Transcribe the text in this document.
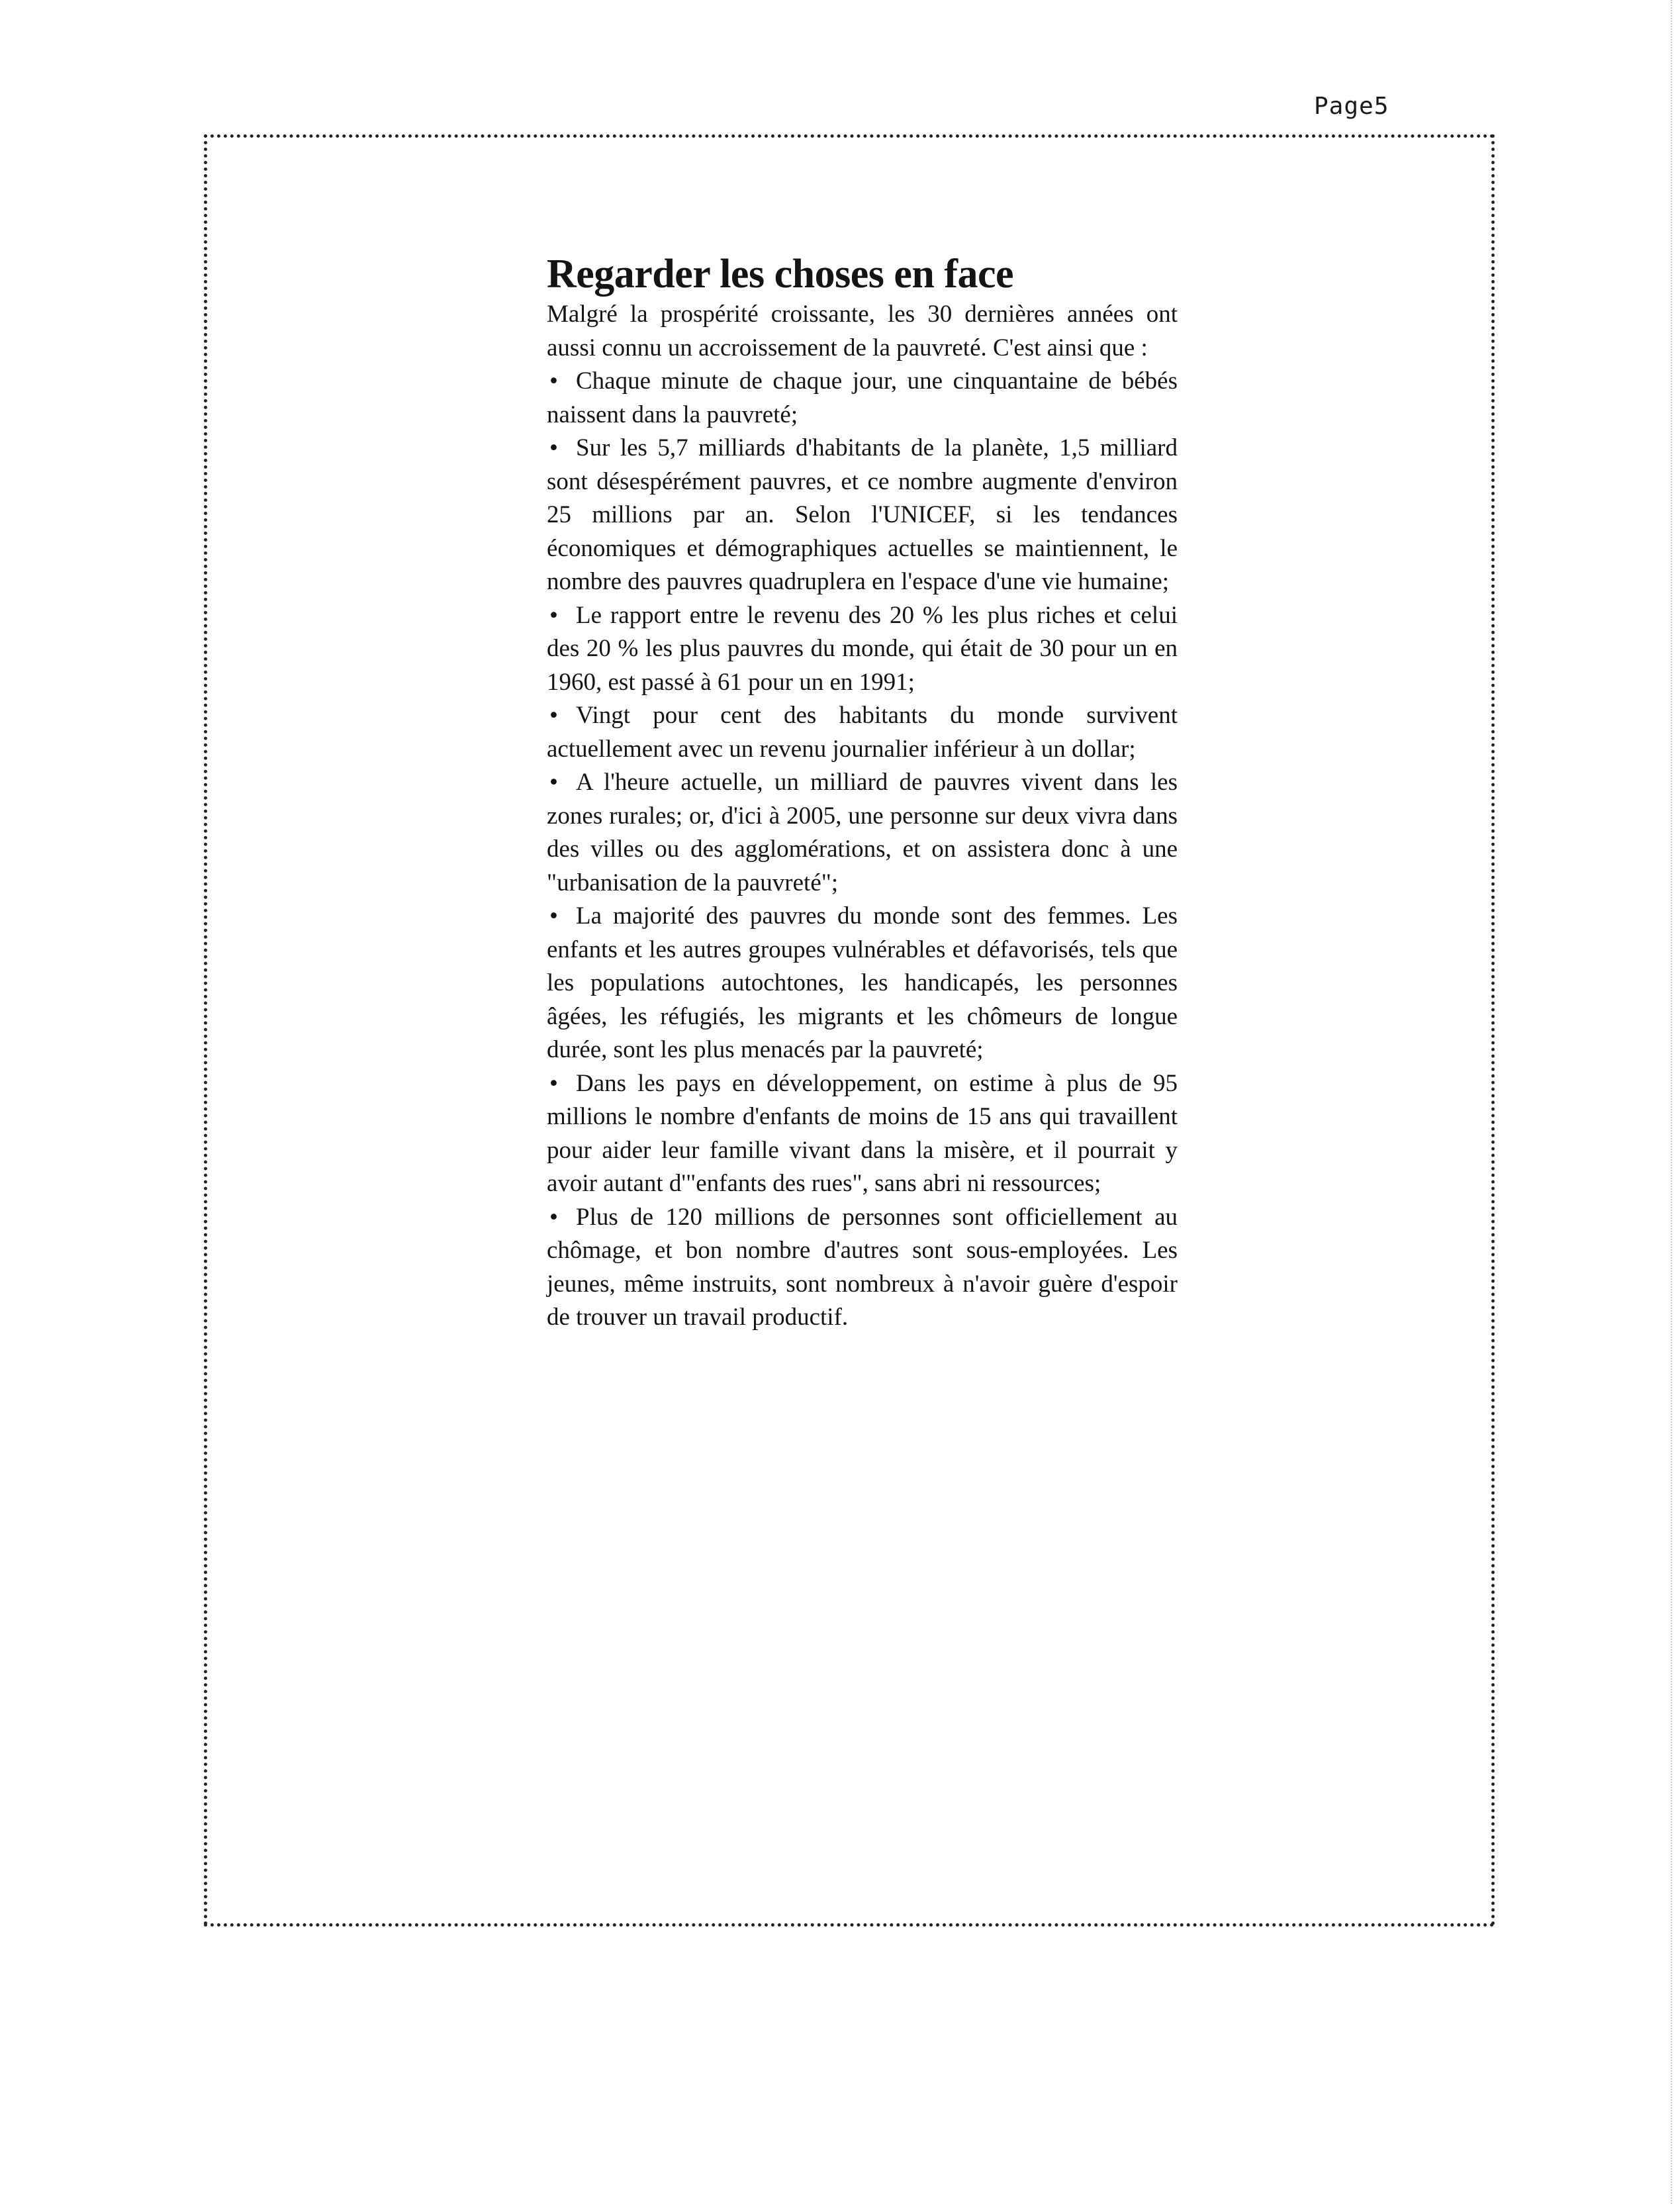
Page5
Regarder les choses en face

Malgré la prospérité croissante, les 30 dernières années ont aussi connu un accroissement de la pauvreté. C'est ainsi que :

• Chaque minute de chaque jour, une cinquantaine de bébés naissent dans la pauvreté;

• Sur les 5,7 milliards d'habitants de la planète, 1,5 milliard sont désespérément pauvres, et ce nombre augmente d'environ 25 millions par an. Selon l'UNICEF, si les tendances économiques et démographiques actuelles se maintiennent, le nombre des pauvres quadruplera en l'espace d'une vie humaine;

• Le rapport entre le revenu des 20 % les plus riches et celui des 20 % les plus pauvres du monde, qui était de 30 pour un en 1960, est passé à 61 pour un en 1991;

• Vingt pour cent des habitants du monde survivent actuellement avec un revenu journalier inférieur à un dollar;

• A l'heure actuelle, un milliard de pauvres vivent dans les zones rurales; or, d'ici à 2005, une personne sur deux vivra dans des villes ou des agglomérations, et on assistera donc à une "urbanisation de la pauvreté";

• La majorité des pauvres du monde sont des femmes. Les enfants et les autres groupes vulnérables et défavorisés, tels que les populations autochtones, les handicapés, les personnes âgées, les réfugiés, les migrants et les chômeurs de longue durée, sont les plus menacés par la pauvreté;

• Dans les pays en développement, on estime à plus de 95 millions le nombre d'enfants de moins de 15 ans qui travaillent pour aider leur famille vivant dans la misère, et il pourrait y avoir autant d'"enfants des rues", sans abri ni ressources;

• Plus de 120 millions de personnes sont officiellement au chômage, et bon nombre d'autres sont sous-employées. Les jeunes, même instruits, sont nombreux à n'avoir guère d'espoir de trouver un travail productif.
